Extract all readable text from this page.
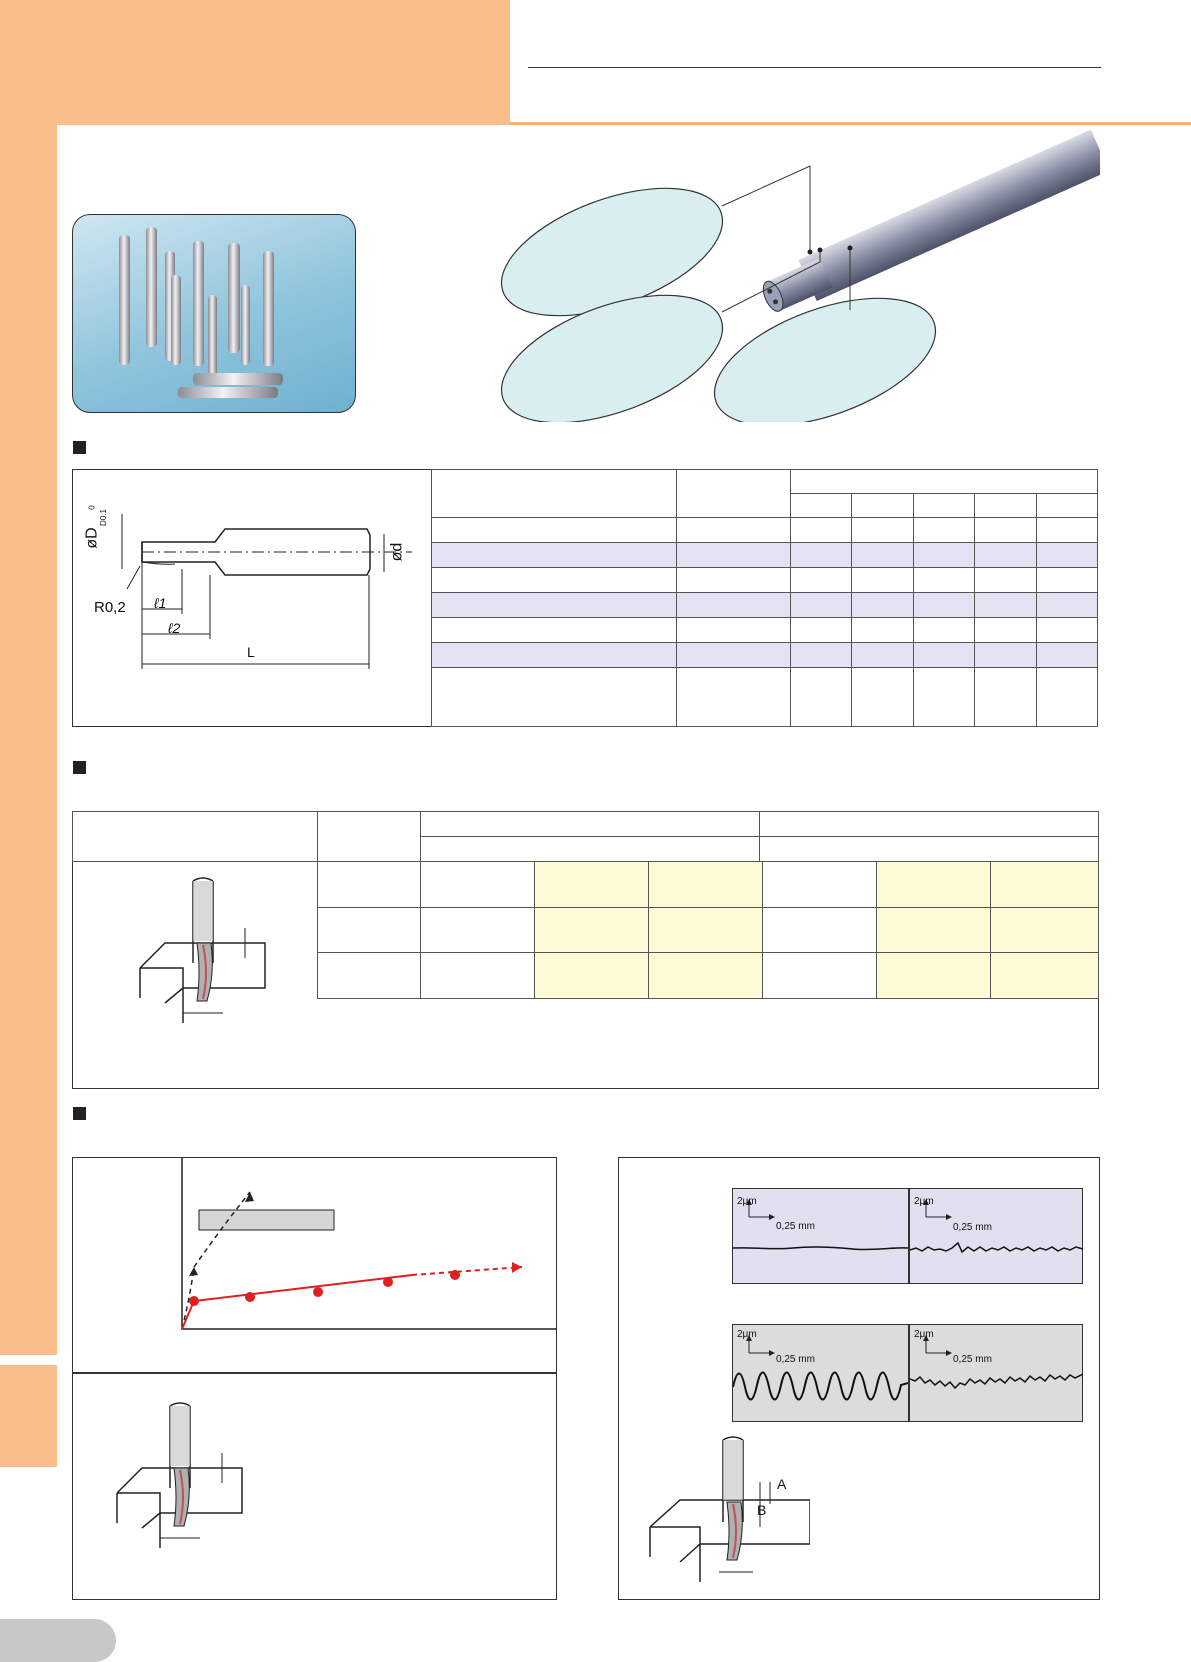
øD
0
D0.1
ød
R0,2 ℓ1
ℓ2
L

2μm
0,25 mm
2μm
0,25 mm
2μm
0,25 mm
2μm
0,25 mm
A
B
